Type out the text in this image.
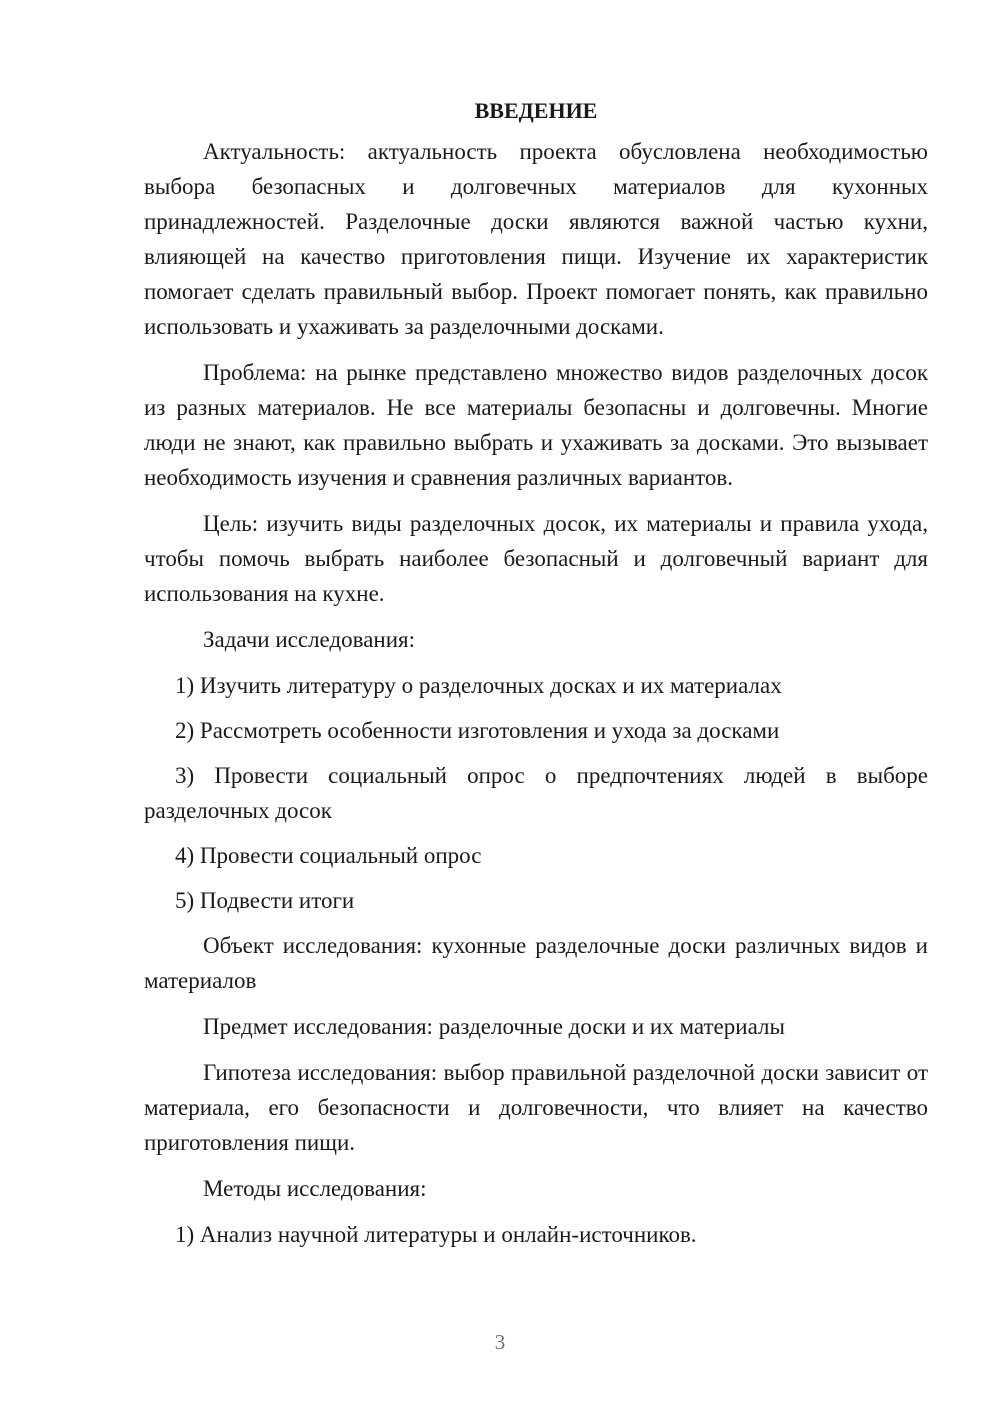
ВВЕДЕНИЕ

Актуальность: актуальность проекта обусловлена необходимостью выбора безопасных и долговечных материалов для кухонных принадлежностей. Разделочные доски являются важной частью кухни, влияющей на качество приготовления пищи. Изучение их характеристик помогает сделать правильный выбор. Проект помогает понять, как правильно использовать и ухаживать за разделочными досками.

Проблема: на рынке представлено множество видов разделочных досок из разных материалов. Не все материалы безопасны и долговечны. Многие люди не знают, как правильно выбрать и ухаживать за досками. Это вызывает необходимость изучения и сравнения различных вариантов.

Цель: изучить виды разделочных досок, их материалы и правила ухода, чтобы помочь выбрать наиболее безопасный и долговечный вариант для использования на кухне.

Задачи исследования:

1) Изучить литературу о разделочных досках и их материалах

2) Рассмотреть особенности изготовления и ухода за досками

3) Провести социальный опрос о предпочтениях людей в выборе разделочных досок

4) Провести социальный опрос

5) Подвести итоги

Объект исследования: кухонные разделочные доски различных видов и материалов

Предмет исследования: разделочные доски и их материалы

Гипотеза исследования: выбор правильной разделочной доски зависит от материала, его безопасности и долговечности, что влияет на качество приготовления пищи.

Методы исследования:

1) Анализ научной литературы и онлайн-источников.

3
